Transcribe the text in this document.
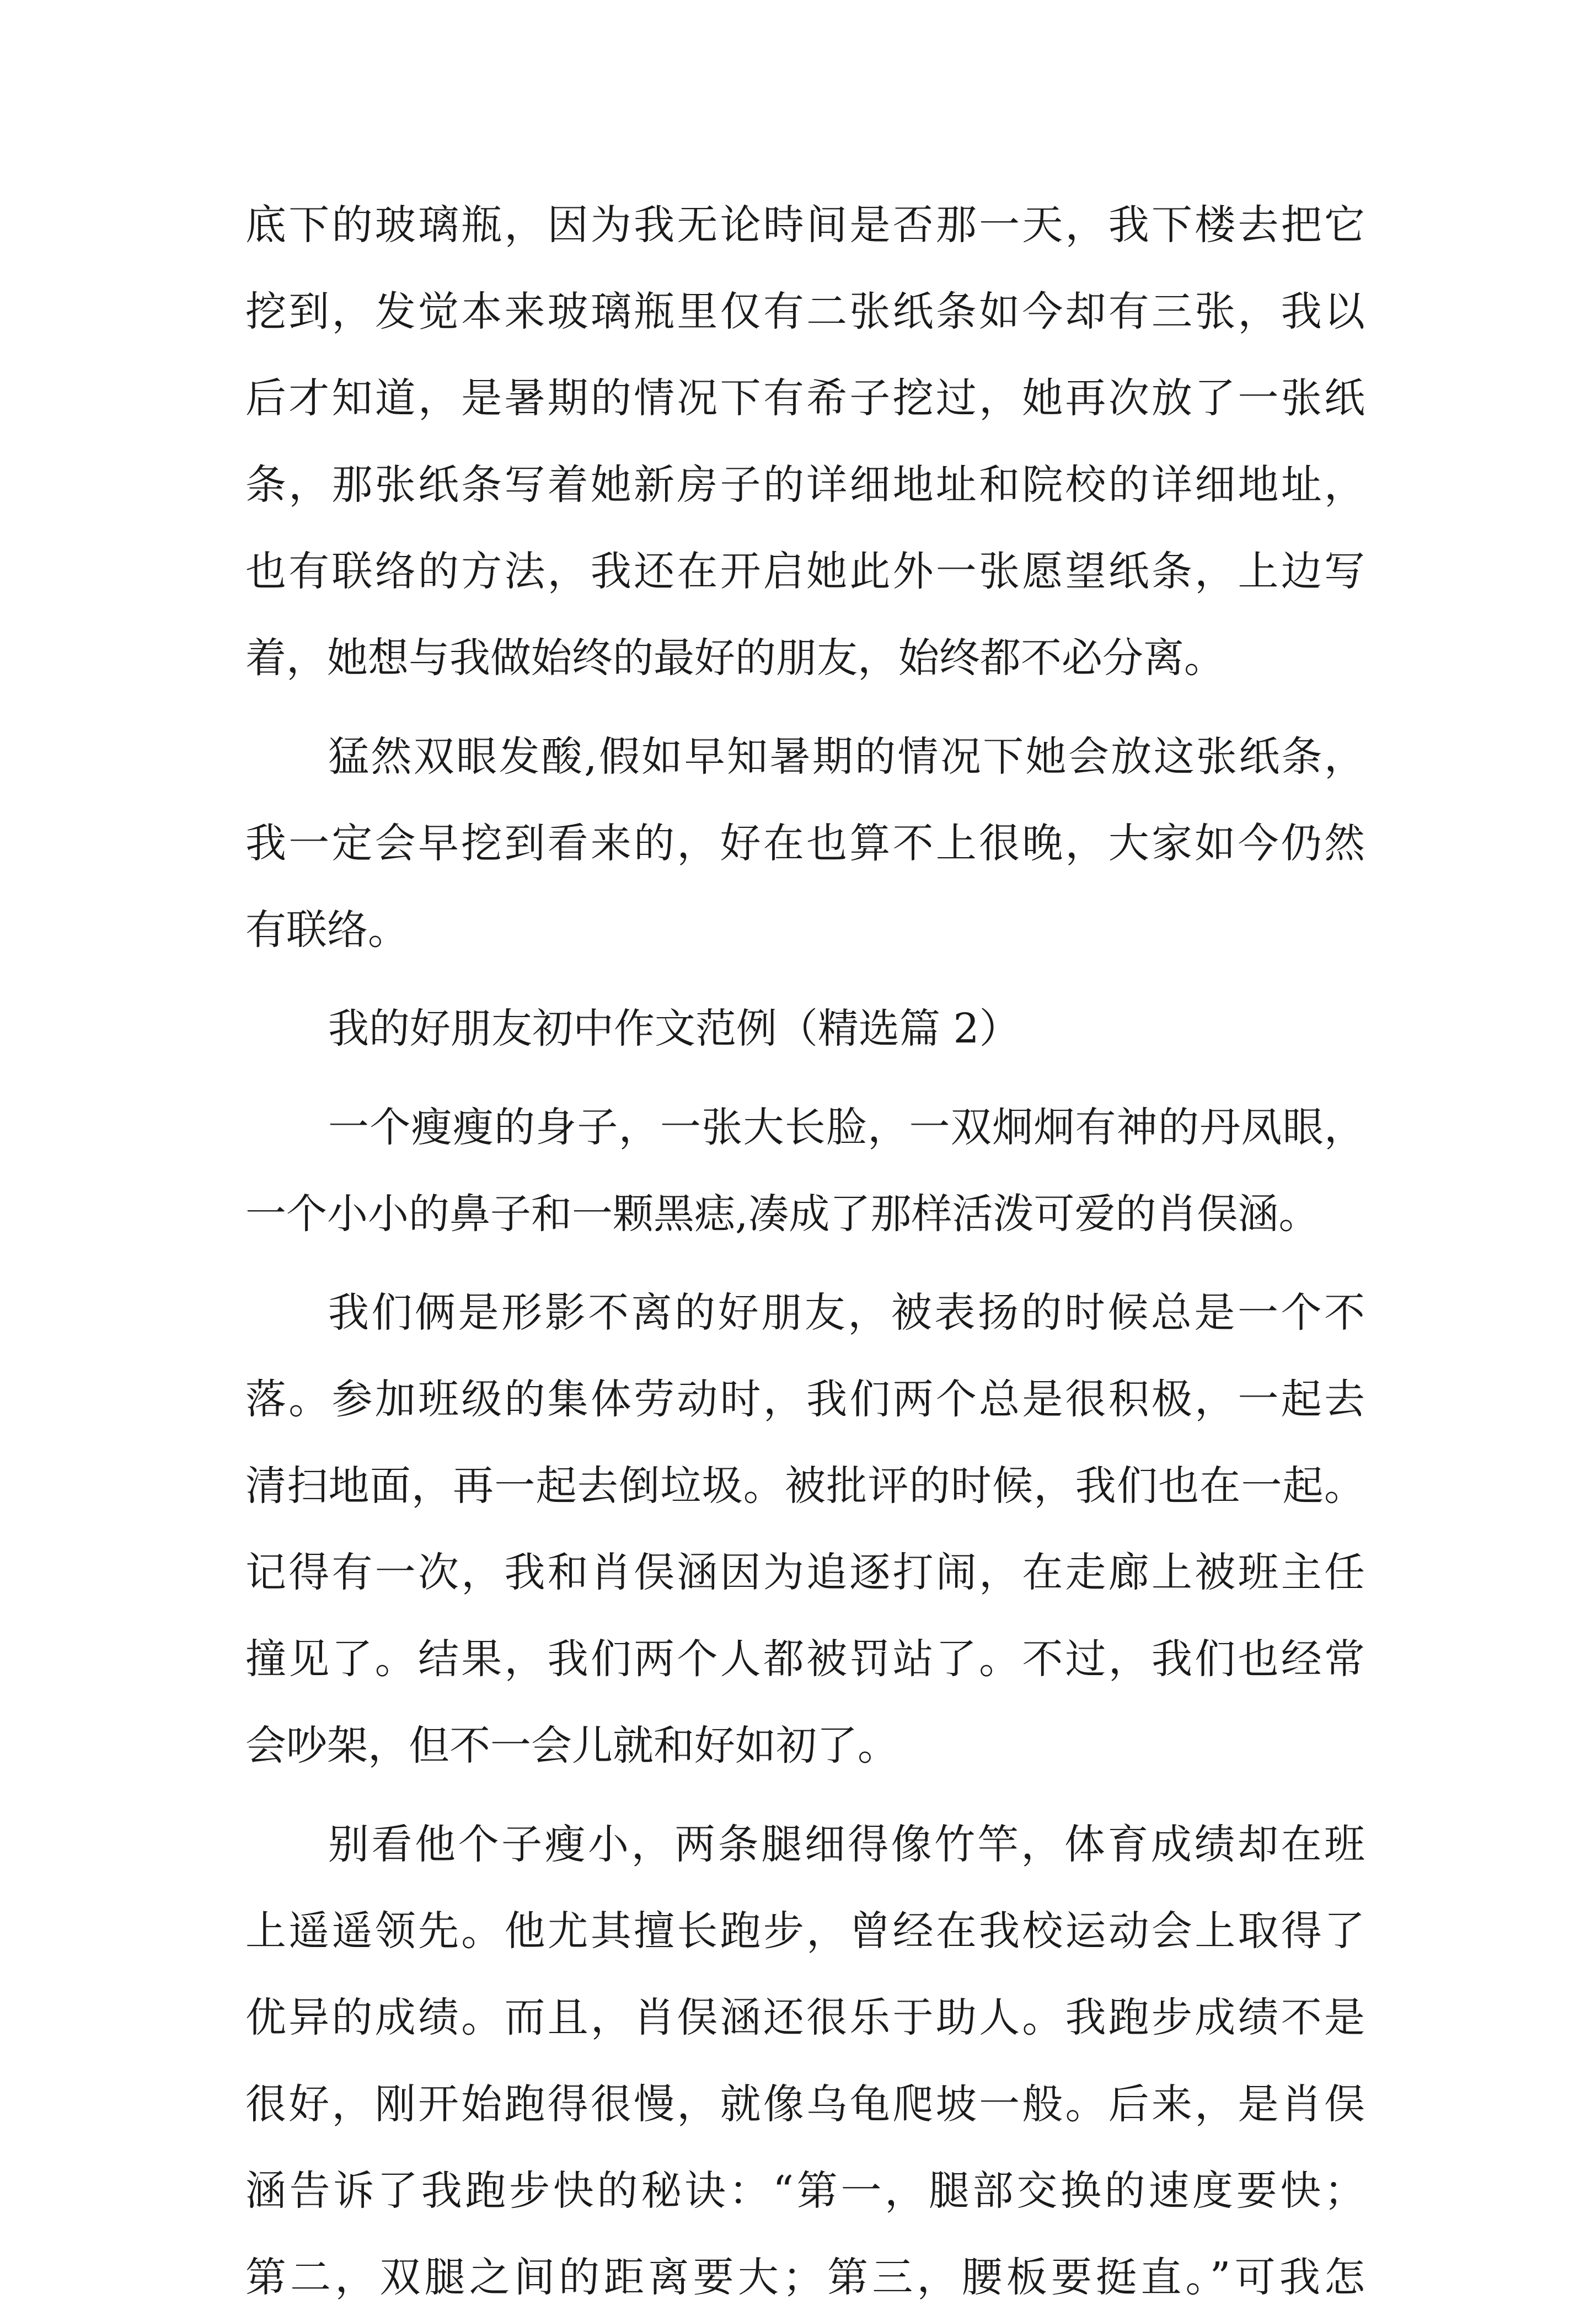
底下的玻璃瓶，因为我无论時间是否那一天，我下楼去把它
挖到，发觉本来玻璃瓶里仅有二张纸条如今却有三张，我以
后才知道，是暑期的情况下有希子挖过，她再次放了一张纸
条，那张纸条写着她新房子的详细地址和院校的详细地址，
也有联络的方法，我还在开启她此外一张愿望纸条，上边写
着，她想与我做始终的最好的朋友，始终都不必分离。
猛然双眼发酸,假如早知暑期的情况下她会放这张纸条，
我一定会早挖到看来的，好在也算不上很晚，大家如今仍然
有联络。
我的好朋友初中作文范例（精选篇 2）
一个瘦瘦的身子，一张大长脸，一双炯炯有神的丹凤眼，
一个小小的鼻子和一颗黑痣,凑成了那样活泼可爱的肖俣涵。
我们俩是形影不离的好朋友，被表扬的时候总是一个不
落。参加班级的集体劳动时，我们两个总是很积极，一起去
清扫地面，再一起去倒垃圾。被批评的时候，我们也在一起。
记得有一次，我和肖俣涵因为追逐打闹，在走廊上被班主任
撞见了。结果，我们两个人都被罚站了。不过，我们也经常
会吵架，但不一会儿就和好如初了。
别看他个子瘦小，两条腿细得像竹竿，体育成绩却在班
上遥遥领先。他尤其擅长跑步，曾经在我校运动会上取得了
优异的成绩。而且，肖俣涵还很乐于助人。我跑步成绩不是
很好，刚开始跑得很慢，就像乌龟爬坡一般。后来，是肖俣
涵告诉了我跑步快的秘诀：“第一，腿部交换的速度要快；
第二，双腿之间的距离要大；第三，腰板要挺直。”可我怎
